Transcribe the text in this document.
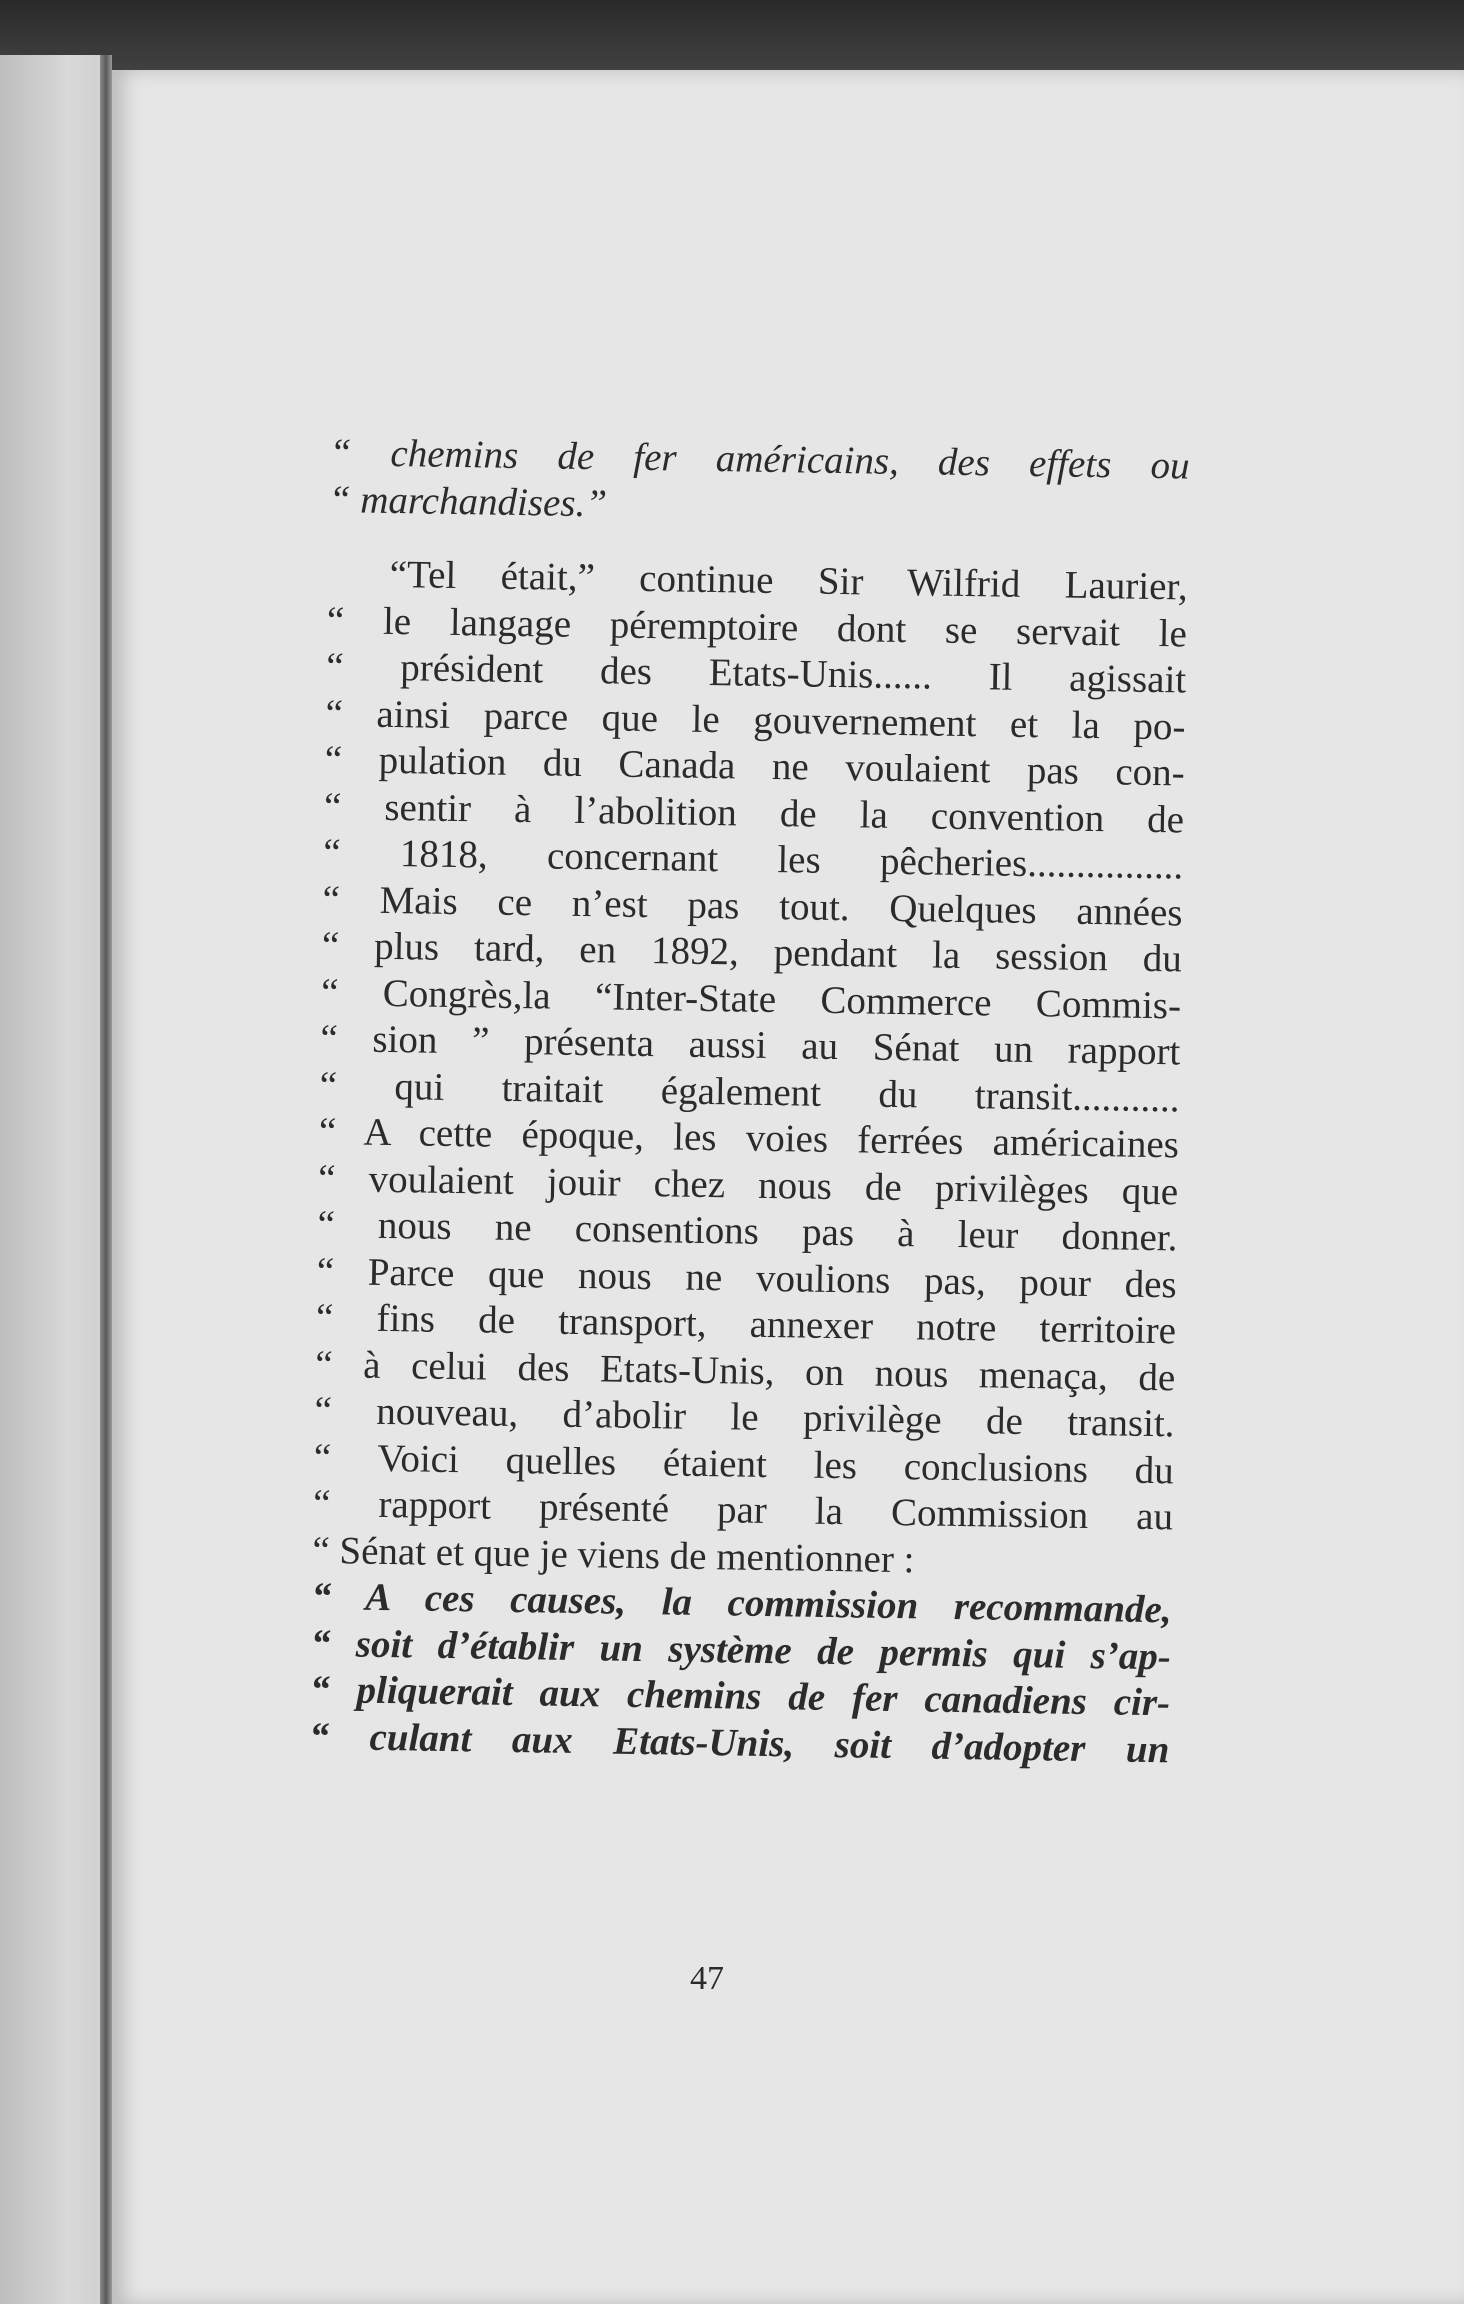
“ chemins de fer américains, des effets ou
“ marchandises.”
“Tel était,” continue Sir Wilfrid Laurier,
“ le langage péremptoire dont se servait le
“ président des Etats-Unis...... Il agissait
“ ainsi parce que le gouvernement et la po-
“ pulation du Canada ne voulaient pas con-
“ sentir à l’abolition de la convention de
“ 1818, concernant les pêcheries................
“ Mais ce n’est pas tout. Quelques années
“ plus tard, en 1892, pendant la session du
“ Congrès,la “Inter-State Commerce Commis-
“ sion ” présenta aussi au Sénat un rapport
“ qui traitait également du transit...........
“ A cette époque, les voies ferrées américaines
“ voulaient jouir chez nous de privilèges que
“ nous ne consentions pas à leur donner.
“ Parce que nous ne voulions pas, pour des
“ fins de transport, annexer notre territoire
“ à celui des Etats-Unis, on nous menaça, de
“ nouveau, d’abolir le privilège de transit.
“ Voici quelles étaient les conclusions du
“ rapport présenté par la Commission au
“ Sénat et que je viens de mentionner :
“ A ces causes, la commission recommande,
“ soit d’établir un système de permis qui s’ap-
“ pliquerait aux chemins de fer canadiens cir-
“ culant aux Etats-Unis, soit d’adopter un
47
